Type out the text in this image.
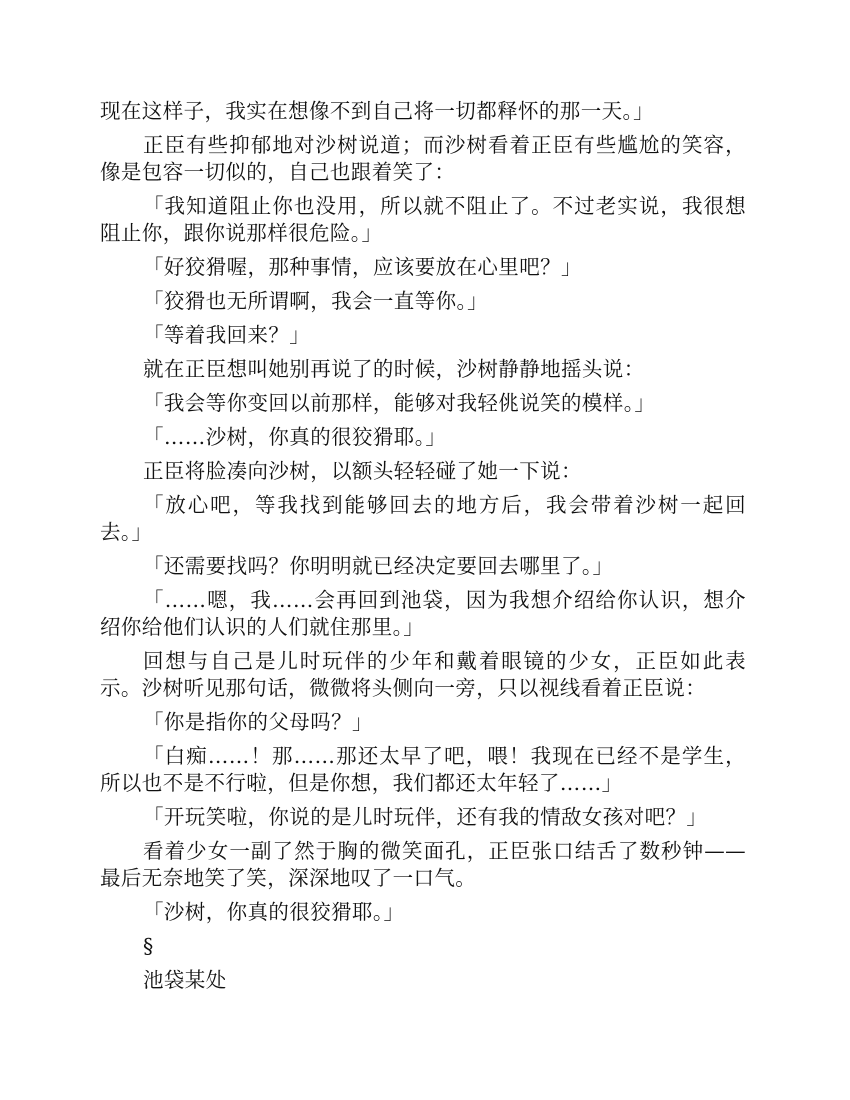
现在这样子，我实在想像不到自己将一切都释怀的那一天。」

正臣有些抑郁地对沙树说道；而沙树看着正臣有些尴尬的笑容，像是包容一切似的，自己也跟着笑了：

「我知道阻止你也没用，所以就不阻止了。不过老实说，我很想阻止你，跟你说那样很危险。」

「好狡猾喔，那种事情，应该要放在心里吧？」

「狡猾也无所谓啊，我会一直等你。」

「等着我回来？」

就在正臣想叫她别再说了的时候，沙树静静地摇头说：

「我会等你变回以前那样，能够对我轻佻说笑的模样。」

「……沙树，你真的很狡猾耶。」

正臣将脸凑向沙树，以额头轻轻碰了她一下说：

「放心吧，等我找到能够回去的地方后，我会带着沙树一起回去。」

「还需要找吗？你明明就已经决定要回去哪里了。」

「……嗯，我……会再回到池袋，因为我想介绍给你认识，想介绍你给他们认识的人们就住那里。」

回想与自己是儿时玩伴的少年和戴着眼镜的少女，正臣如此表示。沙树听见那句话，微微将头侧向一旁，只以视线看着正臣说：

「你是指你的父母吗？」

「白痴……！那……那还太早了吧，喂！我现在已经不是学生，所以也不是不行啦，但是你想，我们都还太年轻了……」

「开玩笑啦，你说的是儿时玩伴，还有我的情敌女孩对吧？」

看着少女一副了然于胸的微笑面孔，正臣张口结舌了数秒钟——最后无奈地笑了笑，深深地叹了一口气。

「沙树，你真的很狡猾耶。」

§

池袋某处
